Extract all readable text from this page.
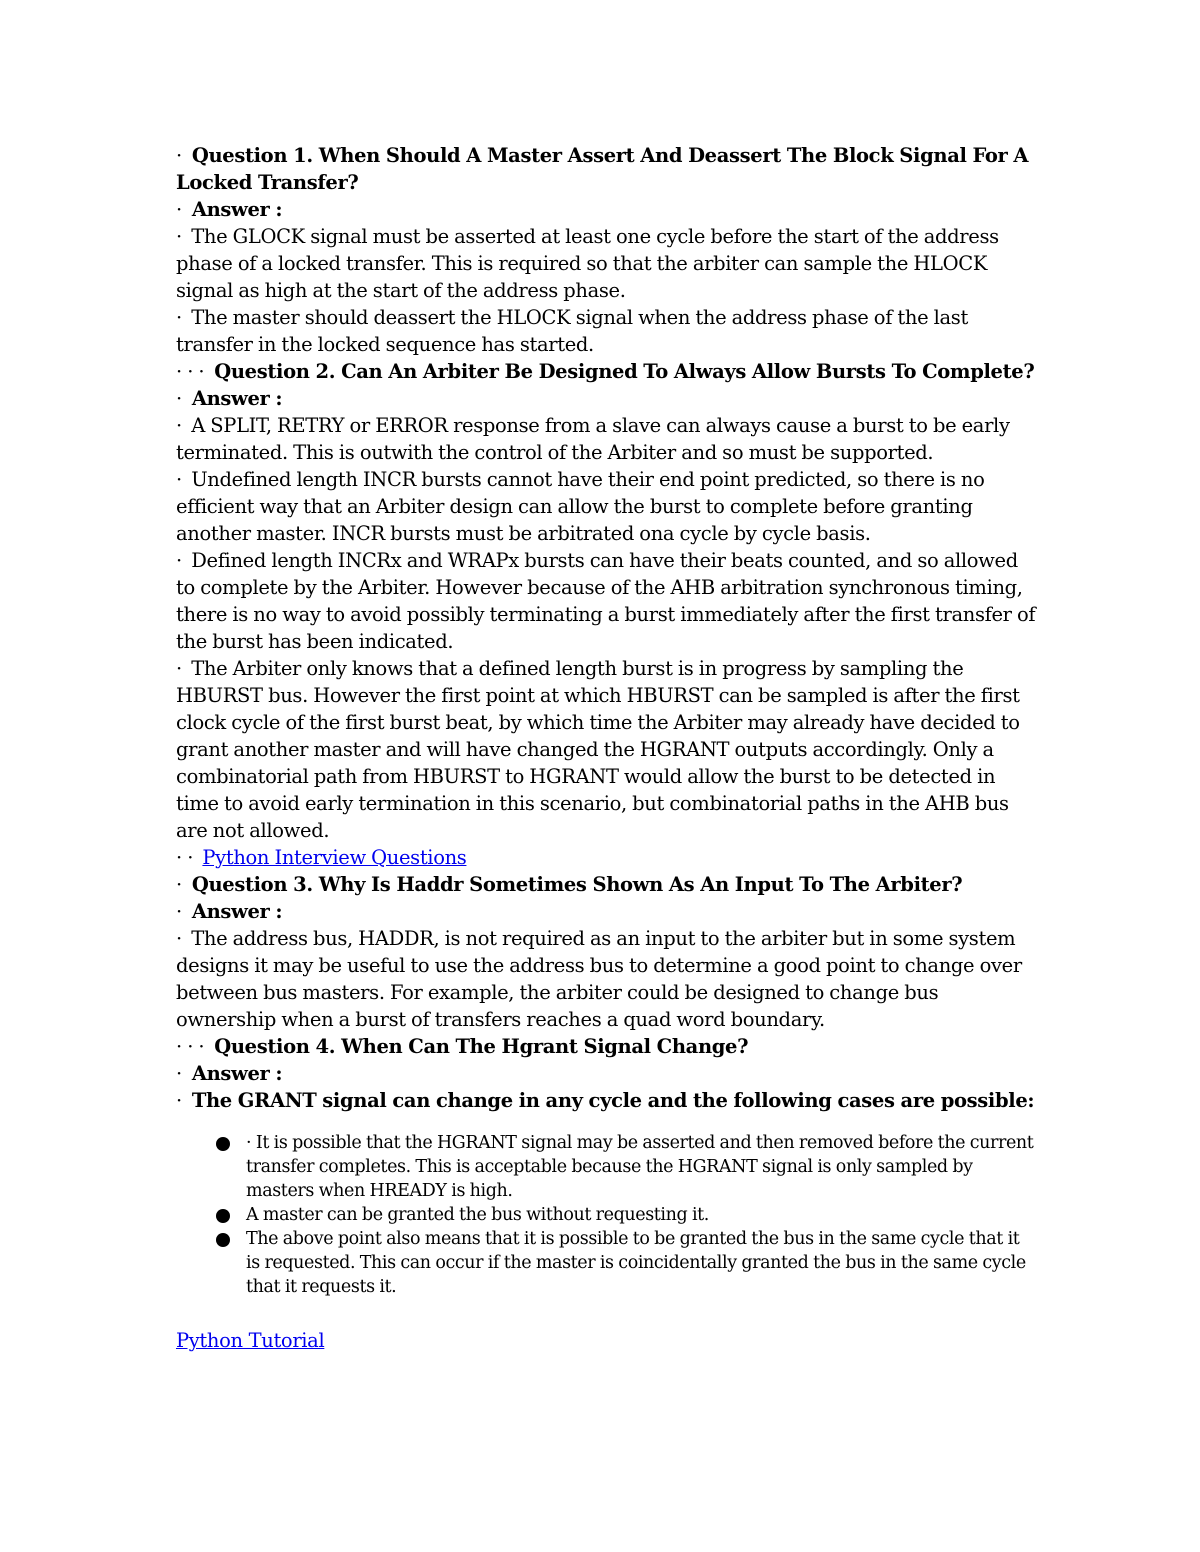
· Question 1. When Should A Master Assert And Deassert The Block Signal For A Locked Transfer?
· Answer :
· The GLOCK signal must be asserted at least one cycle before the start of the address phase of a locked transfer. This is required so that the arbiter can sample the HLOCK signal as high at the start of the address phase.
· The master should deassert the HLOCK signal when the address phase of the last transfer in the locked sequence has started.
· · · Question 2. Can An Arbiter Be Designed To Always Allow Bursts To Complete?
· Answer :
· A SPLIT, RETRY or ERROR response from a slave can always cause a burst to be early terminated. This is outwith the control of the Arbiter and so must be supported.
· Undefined length INCR bursts cannot have their end point predicted, so there is no efficient way that an Arbiter design can allow the burst to complete before granting another master. INCR bursts must be arbitrated ona cycle by cycle basis.
· Defined length INCRx and WRAPx bursts can have their beats counted, and so allowed to complete by the Arbiter. However because of the AHB arbitration synchronous timing, there is no way to avoid possibly terminating a burst immediately after the first transfer of the burst has been indicated.
· The Arbiter only knows that a defined length burst is in progress by sampling the HBURST bus. However the first point at which HBURST can be sampled is after the first clock cycle of the first burst beat, by which time the Arbiter may already have decided to grant another master and will have changed the HGRANT outputs accordingly. Only a combinatorial path from HBURST to HGRANT would allow the burst to be detected in time to avoid early termination in this scenario, but combinatorial paths in the AHB bus are not allowed.
· · Python Interview Questions
· Question 3. Why Is Haddr Sometimes Shown As An Input To The Arbiter?
· Answer :
· The address bus, HADDR, is not required as an input to the arbiter but in some system designs it may be useful to use the address bus to determine a good point to change over between bus masters. For example, the arbiter could be designed to change bus ownership when a burst of transfers reaches a quad word boundary.
· · · Question 4. When Can The Hgrant Signal Change?
· Answer :
· The GRANT signal can change in any cycle and the following cases are possible:
· It is possible that the HGRANT signal may be asserted and then removed before the current transfer completes. This is acceptable because the HGRANT signal is only sampled by masters when HREADY is high.
A master can be granted the bus without requesting it.
The above point also means that it is possible to be granted the bus in the same cycle that it is requested. This can occur if the master is coincidentally granted the bus in the same cycle that it requests it.
Python Tutorial
